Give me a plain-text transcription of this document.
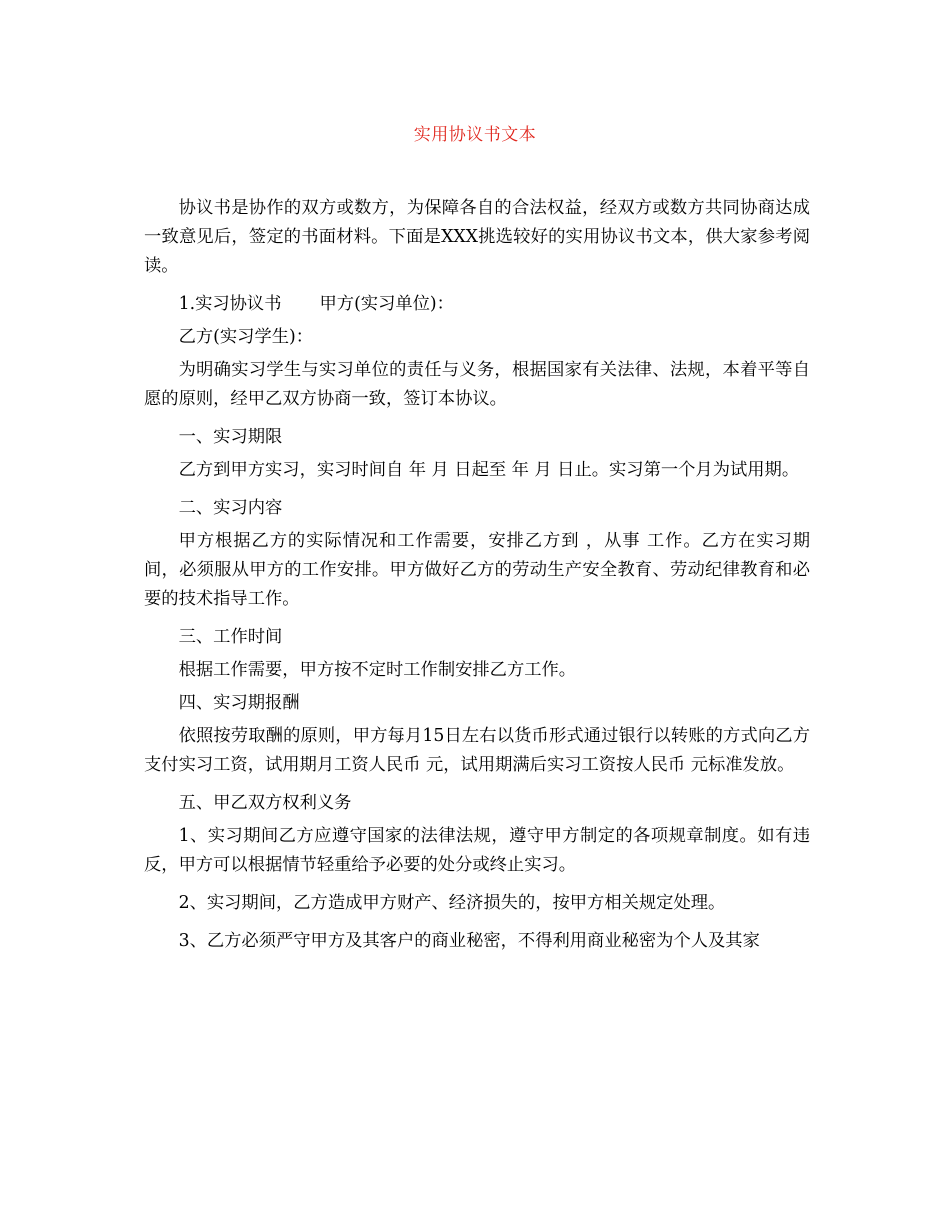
实用协议书文本

协议书是协作的双方或数方，为保障各自的合法权益，经双方或数方共同协商达成一致意见后，签定的书面材料。下面是XXX挑选较好的实用协议书文本，供大家参考阅读。

1.实习协议书 甲方(实习单位)：

乙方(实习学生)：

为明确实习学生与实习单位的责任与义务，根据国家有关法律、法规，本着平等自愿的原则，经甲乙双方协商一致，签订本协议。

一、实习期限

乙方到甲方实习，实习时间自 年 月 日起至 年 月 日止。实习第一个月为试用期。

二、实习内容

甲方根据乙方的实际情况和工作需要，安排乙方到 ，从事 工作。乙方在实习期间，必须服从甲方的工作安排。甲方做好乙方的劳动生产安全教育、劳动纪律教育和必要的技术指导工作。

三、工作时间

根据工作需要，甲方按不定时工作制安排乙方工作。

四、实习期报酬

依照按劳取酬的原则，甲方每月15日左右以货币形式通过银行以转账的方式向乙方支付实习工资，试用期月工资人民币 元，试用期满后实习工资按人民币 元标准发放。

五、甲乙双方权利义务

1、实习期间乙方应遵守国家的法律法规，遵守甲方制定的各项规章制度。如有违反，甲方可以根据情节轻重给予必要的处分或终止实习。

2、实习期间，乙方造成甲方财产、经济损失的，按甲方相关规定处理。

3、乙方必须严守甲方及其客户的商业秘密，不得利用商业秘密为个人及其家
